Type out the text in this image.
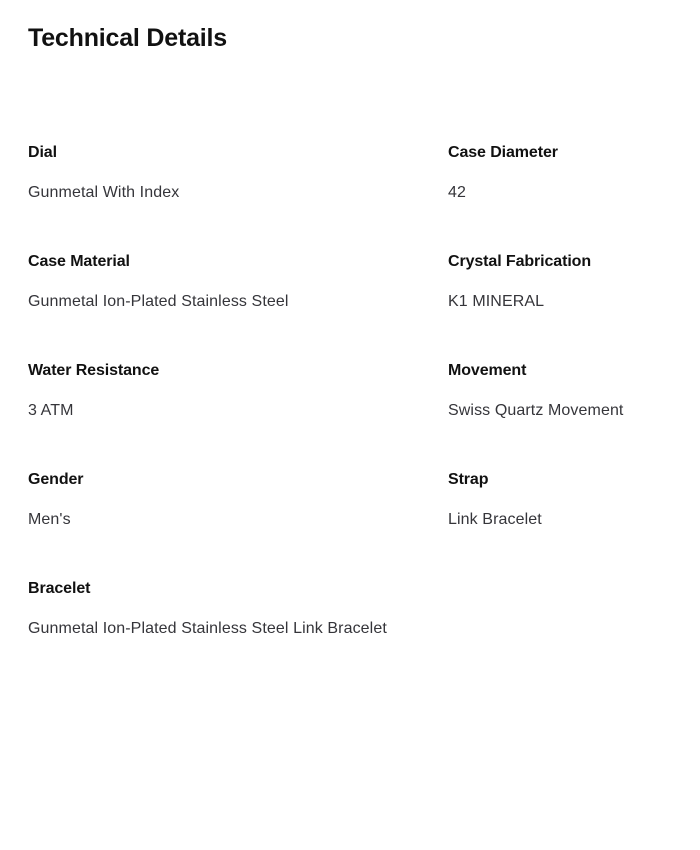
Technical Details
Dial
Gunmetal With Index
Case Diameter
42
Case Material
Gunmetal Ion-Plated Stainless Steel
Crystal Fabrication
K1 MINERAL
Water Resistance
3 ATM
Movement
Swiss Quartz Movement
Gender
Men's
Strap
Link Bracelet
Bracelet
Gunmetal Ion-Plated Stainless Steel Link Bracelet
